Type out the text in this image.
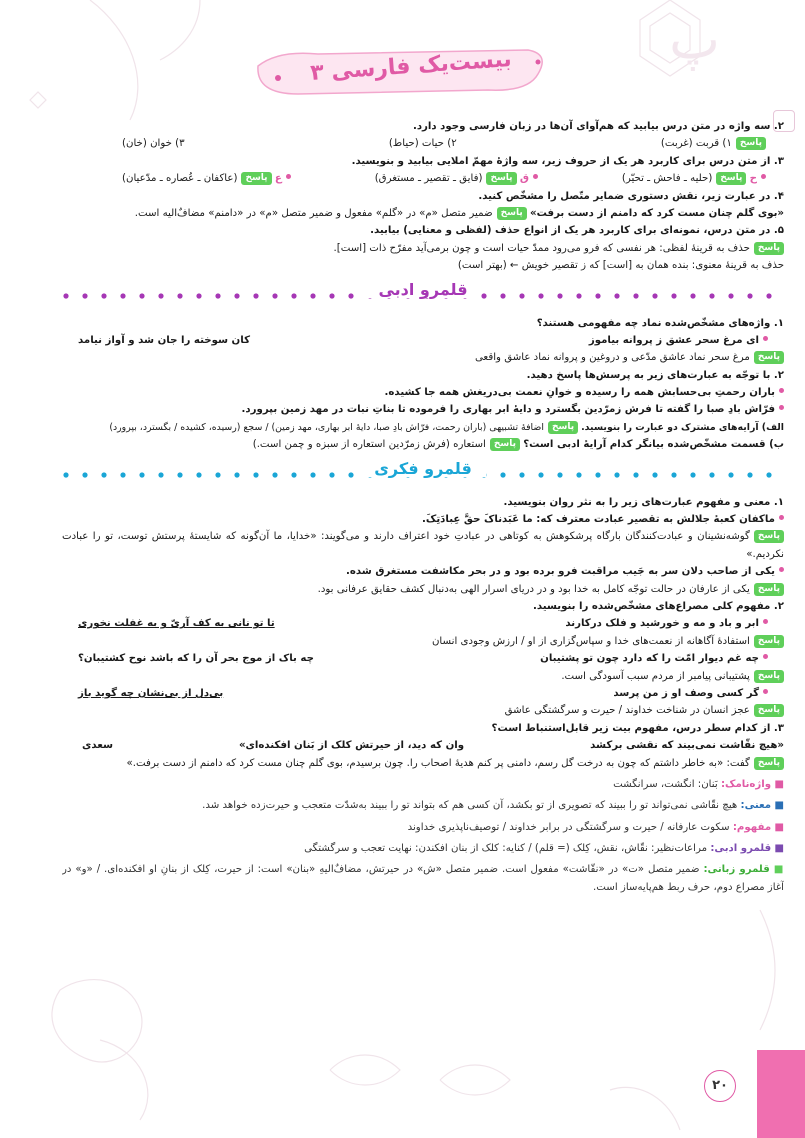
پ
بیست‌یک فارسی ۳
۲. سه واژه در متن درس بیابید که هم‌آوای آن‌ها در زبان فارسی وجود دارد.
پاسخ۱) قربت (غربت)
۲) حیات (حیاط)
۳) خوان (خان)
۳. از متن درس برای کاربرد هر یک از حروف زیر، سه واژهٔ مهمّ املایی بیابید و بنویسید.
ح پاسخ(حلیه ـ فاحش ـ تحیّر)
ق پاسخ(فایق ـ تقصیر ـ مستغرق)
ع پاسخ(عاکفان ـ عُصاره ـ مدّعیان)
۴. در عبارت زیر، نقش دستوری ضمایر متّصل را مشخّص کنید.
«بوی گلم چنان مست کرد که دامنم از دست برفت» پاسخضمیر متصل «م» در «گلم» مفعول و ضمیر متصل «م» در «دامنم» مضافٌ‌الیه است.
۵. در متن درس، نمونه‌ای برای کاربرد هر یک از انواع حذف (لفظی و معنایی) بیابید.
پاسخحذف به قرینهٔ لفظی: هر نفسی که فرو می‌رود ممدّ حیات است و چون برمی‌آید مفرّح ذات [است].
حذف به قرینهٔ معنوی: بنده همان به [است] که ز تقصیر خویش ← (بهتر است)
قلمرو ادبی
۱. واژه‌های مشخّص‌شده نماد چه مفهومی هستند؟
ای مرغ سحر عشق ز پروانه بیاموز
کان سوخته را جان شد و آواز نیامد
پاسخمرغ سحر نماد عاشق مدّعی و دروغین و پروانه نماد عاشق واقعی
۲. با توجّه به عبارت‌های زیر به پرسش‌ها پاسخ دهید.
باران رحمتِ بی‌حسابش همه را رسیده و خوانِ نعمت بی‌دریغش همه جا کشیده.
فرّاش بادِ صبا را گفته تا فرش زمرّدین بگسترد و دایهٔ ابر بهاری را فرموده تا بناتِ نبات در مهد زمین بپرورد.
الف) آرایه‌های مشترک دو عبارت را بنویسید. پاسخاضافهٔ تشبیهی (باران رحمت، فرّاش بادِ صبا، دایهٔ ابر بهاری، مهد زمین) / سجع (رسیده، کشیده / بگسترد، بپرورد)
ب) قسمت مشخّص‌شده بیانگر کدام آرایهٔ ادبی است؟ پاسخاستعاره (فرش زمرّدین استعاره از سبزه و چمن است.)
قلمرو فکری
۱. معنی و مفهوم عبارت‌های زیر را به نثر روان بنویسید.
ماکفان کعبهٔ جلالش به تقصیر عبادت معترف که: ما عَبَدناکَ حقَّ عِبادَتِکَ.
پاسخگوشه‌نشینان و عبادت‌کنندگان بارگاه پرشکوهش به کوتاهی در عبادتِ خود اعتراف دارند و می‌گویند: «خدایا، ما آن‌گونه که شایستهٔ پرستش توست، تو را عبادت نکردیم.»
یکی از صاحب دلان سر به جَیب مراقبت فرو برده بود و در بحر مکاشفت مستغرق شده.
پاسخیکی از عارفان در حالت توجّه کامل به خدا بود و در دریای اسرار الهی به‌دنبال کشف حقایق عرفانی بود.
۲. مفهوم کلی مصراع‌های مشخّص‌شده را بنویسید.
ابر و باد و مه و خورشید و فلک درکارند
تا تو نانی به کف آریّ و به غفلت نخوری
پاسخاستفادهٔ آگاهانه از نعمت‌های خدا و سپاس‌گزاری از او / ارزش وجودی انسان
چه غم دیوار امّت را که دارد چون تو پشتیبان
چه باک از موج بحر آن را که باشد نوح کشتیبان؟
پاسخپشتیبانی پیامبر از مردم سبب آسودگی است.
گر کسی وصف او ز من پرسد
بی‌دل از بی‌نشان چه گوید باز
پاسخعجز انسان در شناخت خداوند / حیرت و سرگشتگی عاشق
۳. از کدام سطر درس، مفهوم بیت زیر قابل‌استنباط است؟
«هیچ نقّاشت نمی‌بیند که نقشی برکشد
وان که دید، از حیرتش کلک از بَنان افکنده‌ای»
سعدی
پاسخگفت: «به خاطر داشتم که چون به درخت گل رسم، دامنی پر کنم هدیهٔ اصحاب را. چون برسیدم، بوی گلم چنان مست کرد که دامنم از دست برفت.»
■ واژه‌نامک: بَنان: انگشت، سرانگشت
■ معنی: هیچ نقّاشی نمی‌تواند تو را ببیند که تصویری از تو بکشد، آن کسی هم که بتواند تو را ببیند به‌شدّت متعجب و حیرت‌زده خواهد شد.
■ مفهوم: سکوت عارفانه / حیرت و سرگشتگی در برابر خداوند / توصیف‌ناپذیری خداوند
■ قلمرو ادبی: مراعات‌نظیر: نقّاش، نقش، کِلک (= قلم) / کنایه: کلک از بنان افکندن: نهایت تعجب و سرگشتگی
■ قلمرو زبانی: ضمیر متصل «ت» در «نقّاشت» مفعول است. ضمیر متصل «ش» در حیرتش، مضافٌ‌الیهِ «بنان» است: از حیرت، کِلک از بنانِ او افکنده‌ای. / «و» در آغاز مصراع دوم، حرف ربط هم‌پایه‌ساز است.
۲۰
